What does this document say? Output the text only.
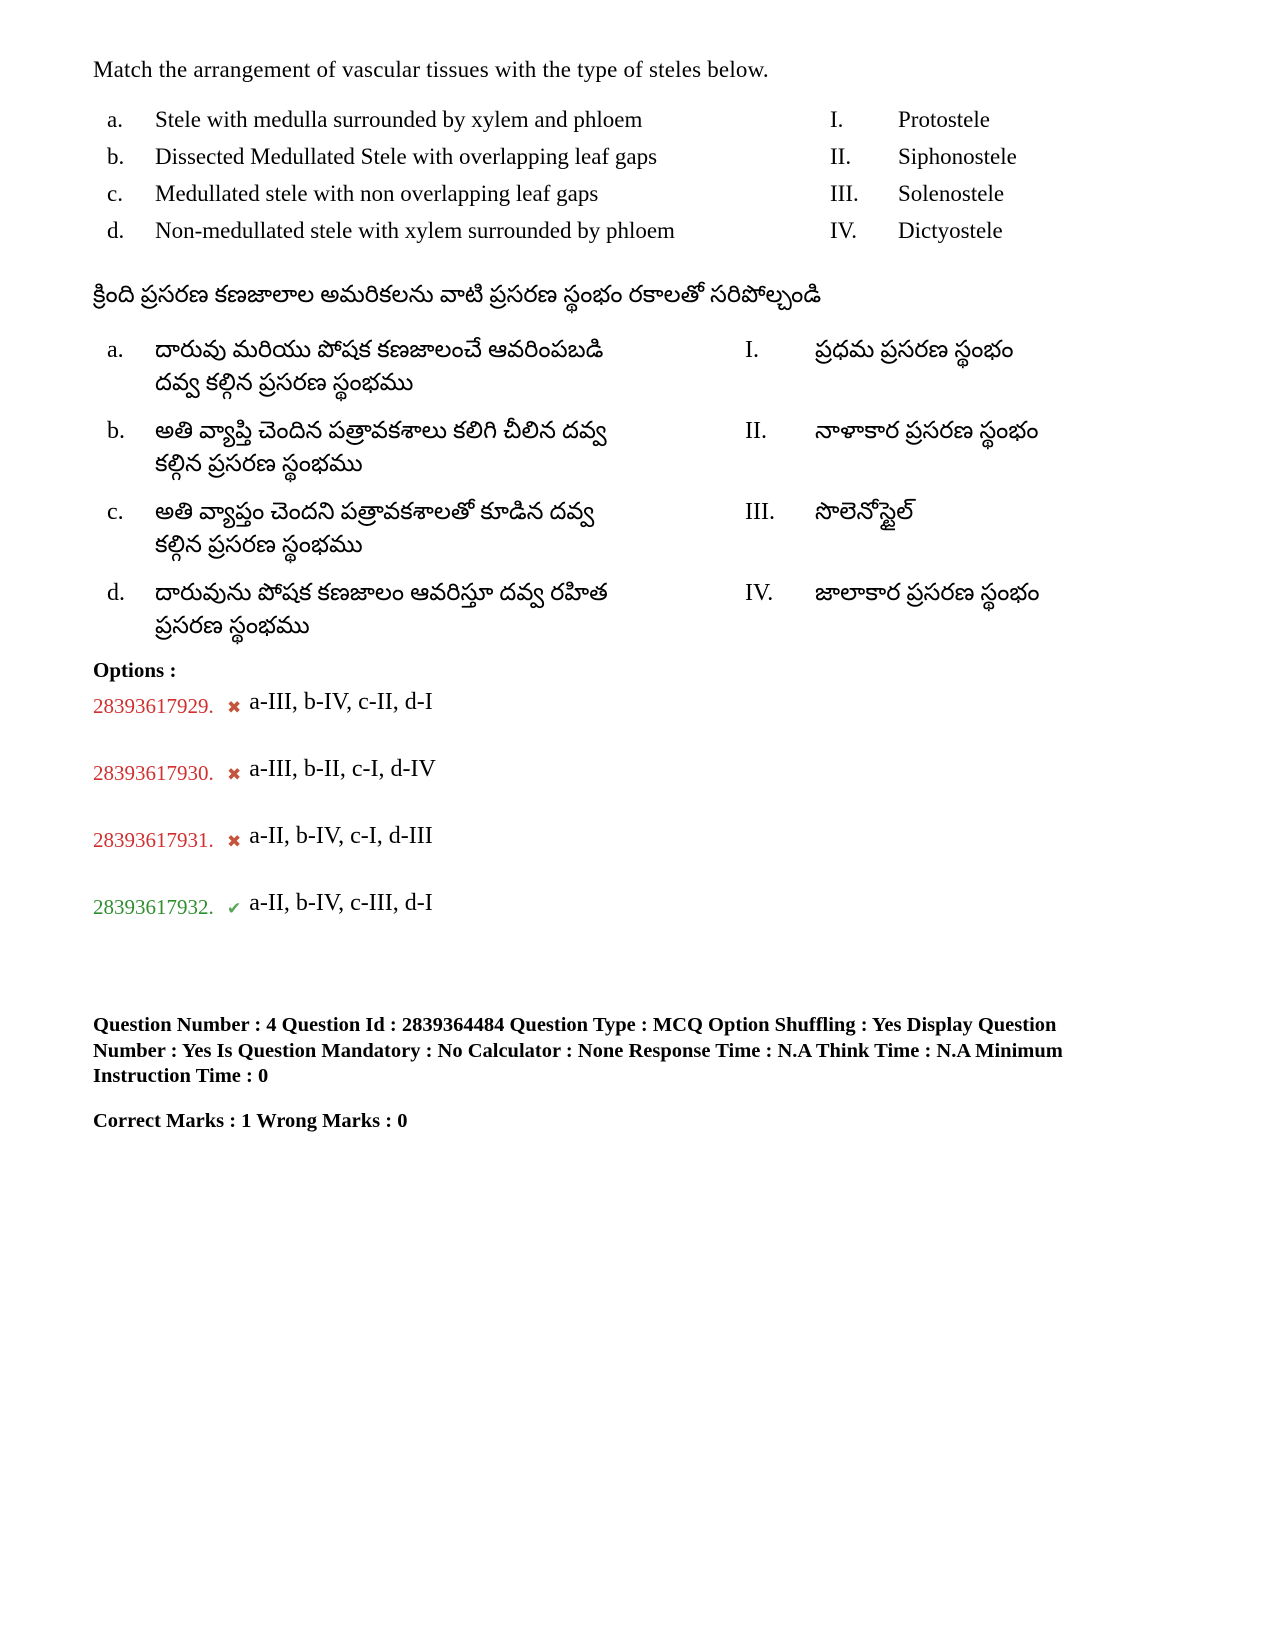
Match the arrangement of vascular tissues with the type of steles below.

a.	Stele with medulla surrounded by xylem and phloem	I.	Protostele
b.	Dissected Medullated Stele with overlapping leaf gaps	II.	Siphonostele
c.	Medullated stele with non overlapping leaf gaps	III.	Solenostele
d.	Non-medullated stele with xylem surrounded by phloem	IV.	Dictyostele

క్రింది ప్రసరణ కణజాలాల అమరికలను వాటి ప్రసరణ స్థంభం రకాలతో సరిపోల్చండి

a.	దారువు మరియు పోషక కణజాలంచే ఆవరింపబడి
దవ్వ కల్గిన ప్రసరణ స్థంభము
I.	ప్రధమ ప్రసరణ స్థంభం
b.	అతి వ్యాప్తి చెందిన పత్రావకశాలు కలిగి చీలిన దవ్వ
కల్గిన ప్రసరణ స్థంభము
II.	నాళాకార ప్రసరణ స్థంభం
c.	అతి వ్యాప్తం చెందని పత్రావకశాలతో కూడిన దవ్వ
కల్గిన ప్రసరణ స్థంభము
III.	సొలెనోస్టైల్
d.	దారువును పోషక కణజాలం ఆవరిస్తూ దవ్వ రహిత
ప్రసరణ స్థంభము
IV.	జాలాకార ప్రసరణ స్థంభం

Options :

28393617929. ✖ a-III, b-IV, c-II, d-I
28393617930. ✖ a-III, b-II, c-I, d-IV
28393617931. ✖ a-II, b-IV, c-I, d-III
28393617932. ✔ a-II, b-IV, c-III, d-I

Question Number : 4 Question Id : 2839364484 Question Type : MCQ Option Shuffling : Yes Display Question Number : Yes Is Question Mandatory : No Calculator : None Response Time : N.A Think Time : N.A Minimum Instruction Time : 0

Correct Marks : 1 Wrong Marks : 0
